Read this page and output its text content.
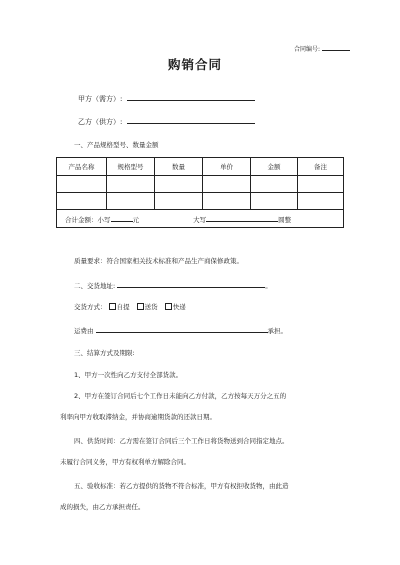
合同编号:
购销合同
甲方（需方）:
乙方（供方）:
一、产品规格型号、数量金额
产品名称	规格型号	数量	单价	金额	备注

合计金额：小写 元 大写 圆整					
质量要求：符合国家相关技术标准和产品生产商保修政策。
二、交货地址:	。
交货方式： 自提 送货 快递
运费由	承担。
三、结算方式及期限:
1、甲方一次性向乙方支付全部货款。
2、甲方在签订合同后七个工作日未能向乙方付款，乙方按每天万分之五的
利率向甲方收取滞纳金，并协商逾期货款的还款日期。
四、供货时间：乙方需在签订合同后三个工作日将货物送到合同指定地点。
未履行合同义务，甲方有权利单方解除合同。
五、验收标准：若乙方提供的货物不符合标准，甲方有权拒收货物，由此造
成的损失，由乙方承担责任。
